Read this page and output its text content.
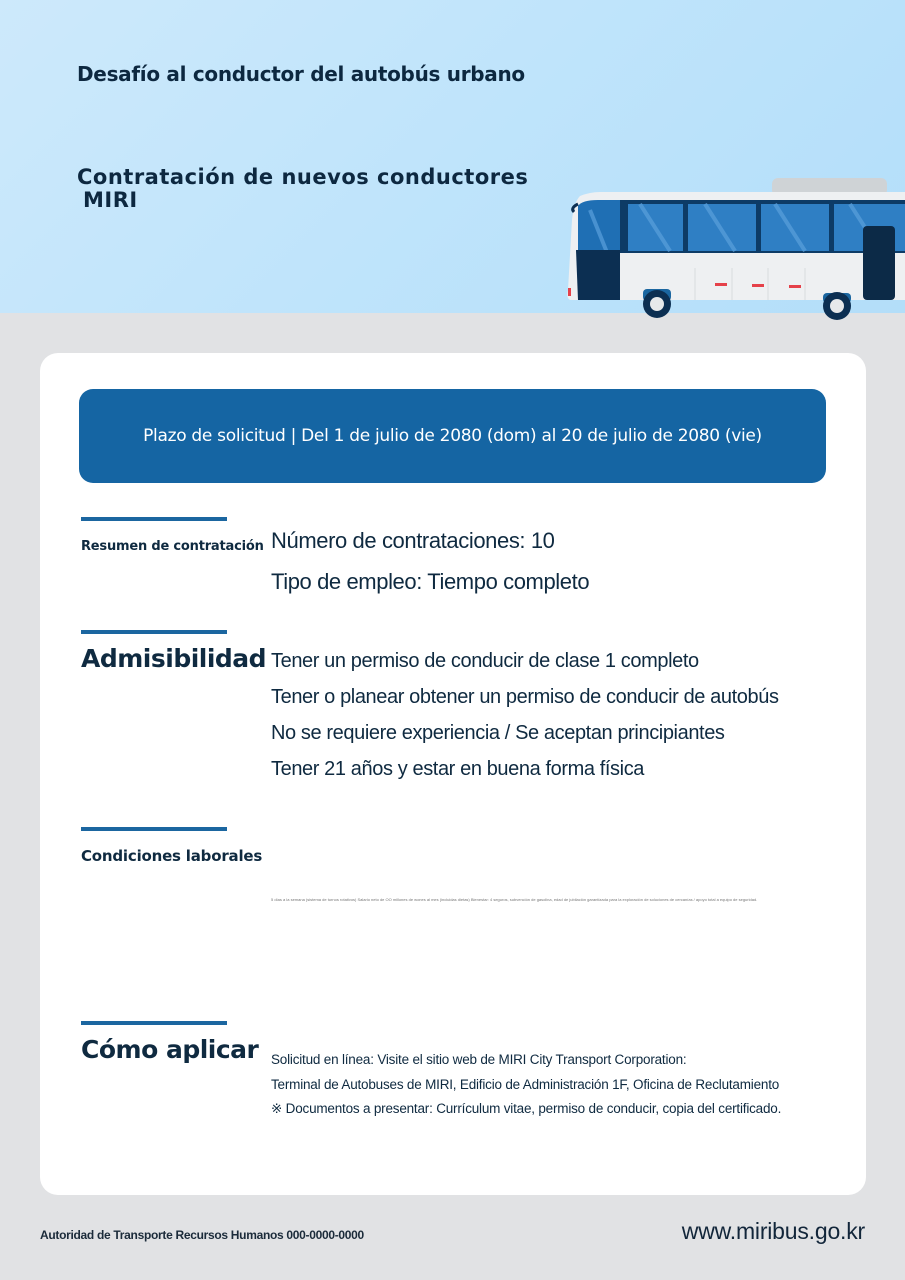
Desafío al conductor del autobús urbano
Contratación de nuevos conductores
MIRI
Plazo de solicitud | Del 1 de julio de 2080 (dom) al 20 de julio de 2080 (vie)
Resumen de contratación Número de contrataciones: 10
Tipo de empleo: Tiempo completo
Admisibilidad Tener un permiso de conducir de clase 1 completo
Tener o planear obtener un permiso de conducir de autobús
No se requiere experiencia / Se aceptan principiantes
Tener 21 años y estar en buena forma física
Condiciones laborales
5 días a la semana (sistema de turnos rotativos) Salario neto de OO millones de wones al mes (incluidas dietas) Bienestar: 4 seguros, subvención de gasolina, edad de jubilación garantizada para la exploración de soluciones de cercanías / apoyo total a equipo de seguridad.
Cómo aplicar Solicitud en línea: Visite el sitio web de MIRI City Transport Corporation:
Terminal de Autobuses de MIRI, Edificio de Administración 1F, Oficina de Reclutamiento
※ Documentos a presentar: Currículum vitae, permiso de conducir, copia del certificado.
Autoridad de Transporte Recursos Humanos 000-0000-0000	www.miribus.go.kr
